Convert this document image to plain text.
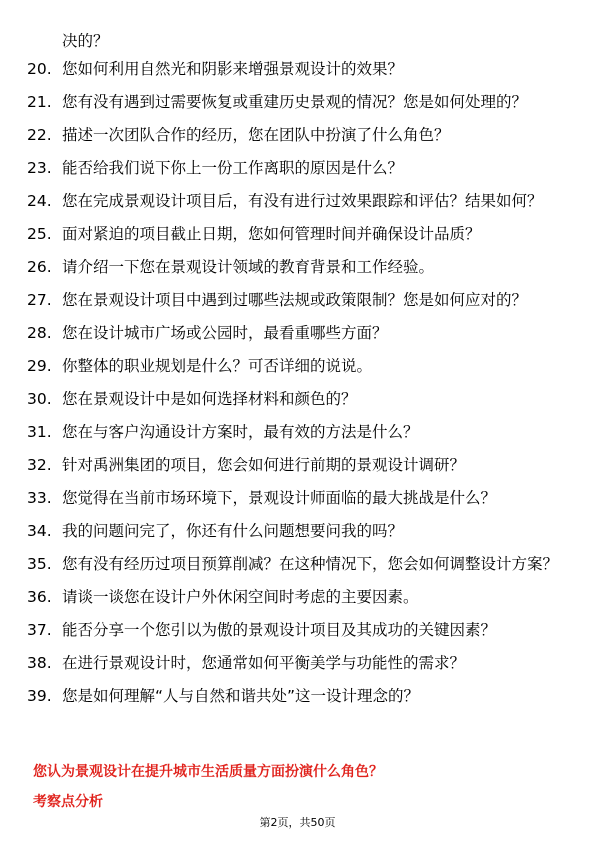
决的？
20. 您如何利用自然光和阴影来增强景观设计的效果？
21. 您有没有遇到过需要恢复或重建历史景观的情况？您是如何处理的？
22. 描述一次团队合作的经历，您在团队中扮演了什么角色？
23. 能否给我们说下你上一份工作离职的原因是什么？
24. 您在完成景观设计项目后，有没有进行过效果跟踪和评估？结果如何？
25. 面对紧迫的项目截止日期，您如何管理时间并确保设计品质？
26. 请介绍一下您在景观设计领域的教育背景和工作经验。
27. 您在景观设计项目中遇到过哪些法规或政策限制？您是如何应对的？
28. 您在设计城市广场或公园时，最看重哪些方面？
29. 你整体的职业规划是什么？可否详细的说说。
30. 您在景观设计中是如何选择材料和颜色的？
31. 您在与客户沟通设计方案时，最有效的方法是什么？
32. 针对禹洲集团的项目，您会如何进行前期的景观设计调研？
33. 您觉得在当前市场环境下，景观设计师面临的最大挑战是什么？
34. 我的问题问完了，你还有什么问题想要问我的吗？
35. 您有没有经历过项目预算削减？在这种情况下，您会如何调整设计方案？
36. 请谈一谈您在设计户外休闲空间时考虑的主要因素。
37. 能否分享一个您引以为傲的景观设计项目及其成功的关键因素？
38. 在进行景观设计时，您通常如何平衡美学与功能性的需求？
39. 您是如何理解“人与自然和谐共处”这一设计理念的？
您认为景观设计在提升城市生活质量方面扮演什么角色？
考察点分析
第2页，共50页
